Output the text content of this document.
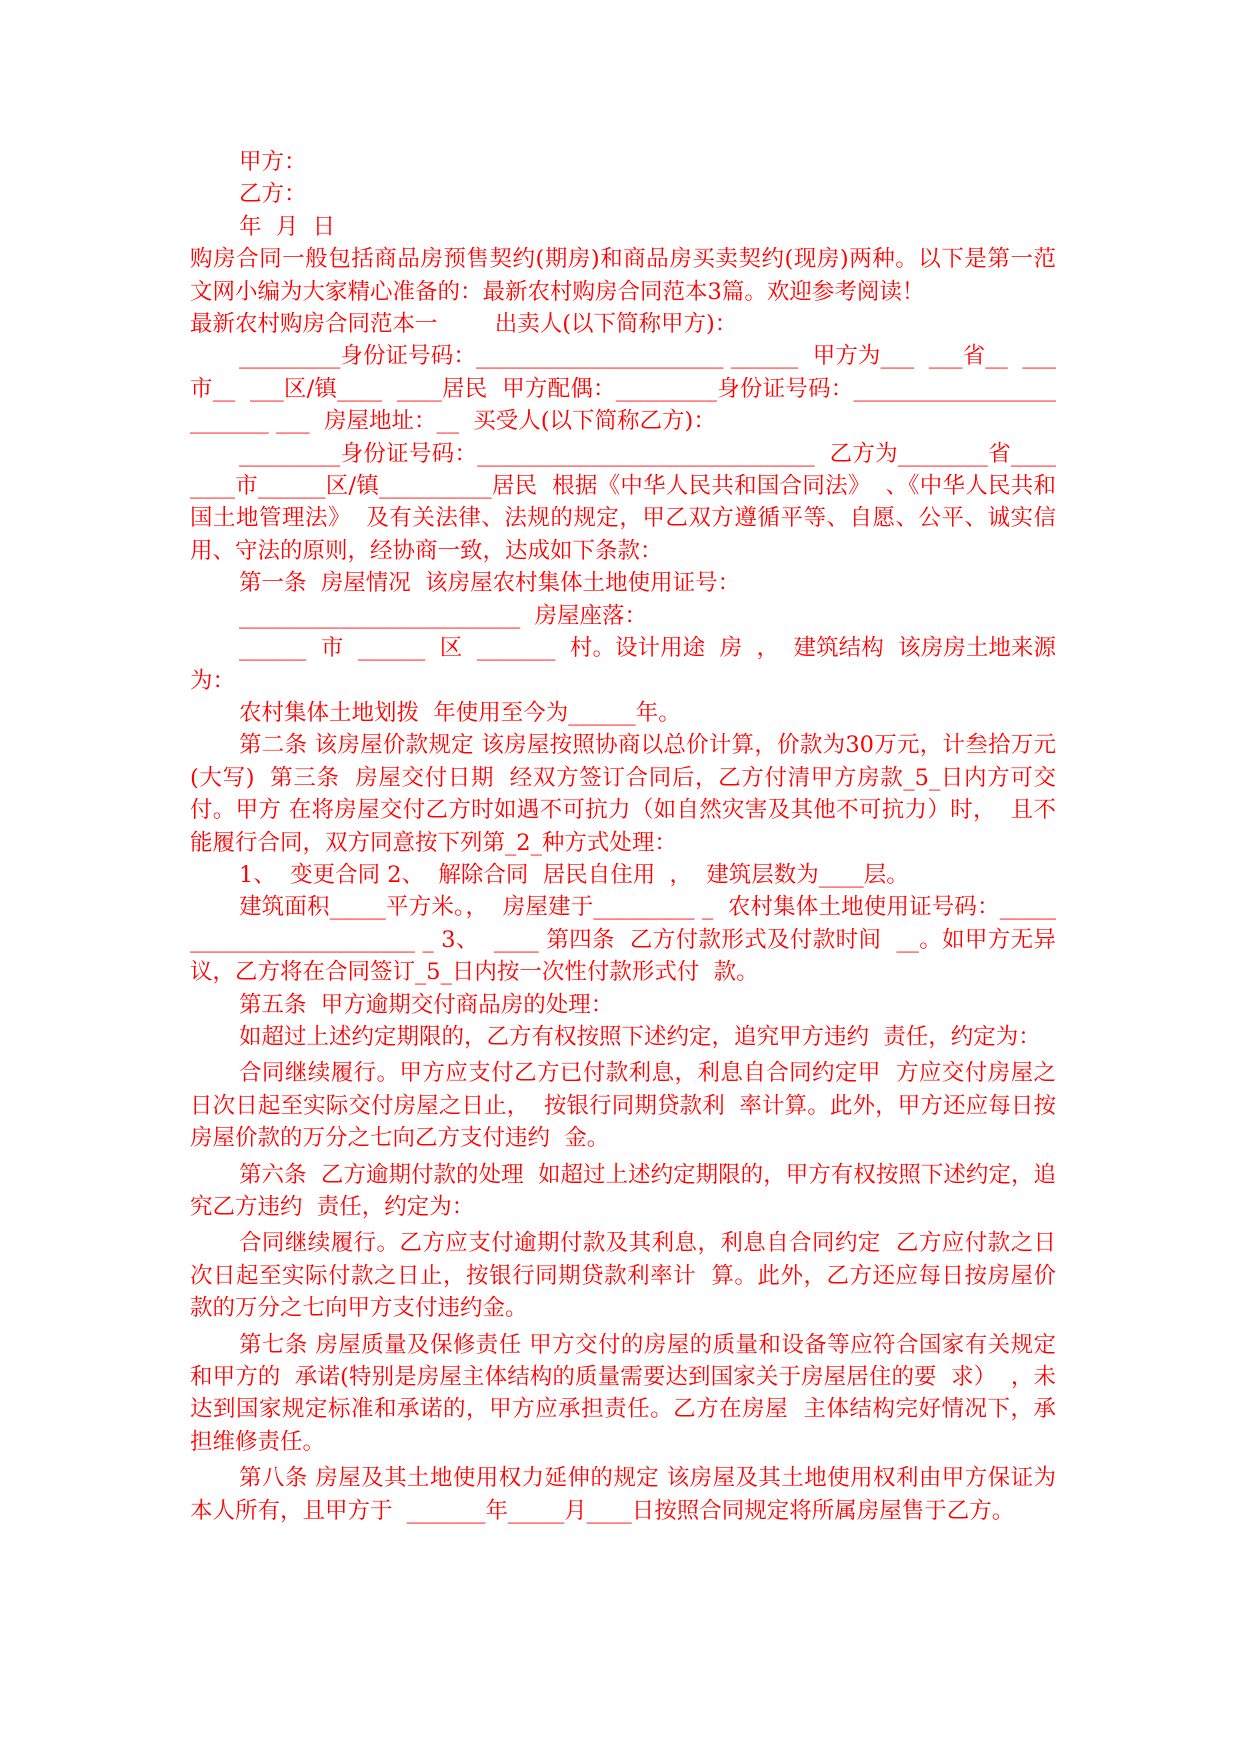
甲方：

乙方：

年  月  日

购房合同一般包括商品房预售契约(期房)和商品房买卖契约(现房)两种。以下是第一范文网小编为大家精心准备的：最新农村购房合同范本3篇。欢迎参考阅读！

最新农村购房合同范本一        出卖人(以下简称甲方)：

_________身份证号码：______________________ ______  甲方为___  ___省__  ___市__  ___区/镇____  ____居民  甲方配偶：_________身份证号码：_________________________ ___  房屋地址：__  买受人(以下简称乙方)：

_________身份证号码：______________________________  乙方为________省________市______区/镇__________居民  根据《中华人民共和国合同法》  、《中华人民共和国土地管理法》  及有关法律、法规的规定，甲乙双方遵循平等、自愿、公平、诚实信  用、守法的原则，经协商一致，达成如下条款：

第一条  房屋情况  该房屋农村集体土地使用证号：

_________________________  房屋座落：

______  市  ______  区  _______  村。设计用途  房  ，  建筑结构  该房房土地来源为：

农村集体土地划拨  年使用至今为______年。

第二条 该房屋价款规定 该房屋按照协商以总价计算，价款为30万元，计叁拾万元(大写)  第三条  房屋交付日期  经双方签订合同后，乙方付清甲方房款_5_日内方可交付。甲方 在将房屋交付乙方时如遇不可抗力（如自然灾害及其他不可抗力）时，  且不能履行合同，双方同意按下列第_2_种方式处理：

1、  变更合同 2、  解除合同  居民自住用  ，  建筑层数为____层。

建筑面积_____平方米。，  房屋建于_________ _  农村集体土地使用证号码：_________________________ _ 3、  ____ 第四条  乙方付款形式及付款时间  __。如甲方无异议，乙方将在合同签订_5_日内按一次性付款形式付  款。

第五条  甲方逾期交付商品房的处理：

如超过上述约定期限的，乙方有权按照下述约定，追究甲方违约  责任，约定为：

合同继续履行。甲方应支付乙方已付款利息，利息自合同约定甲  方应交付房屋之日次日起至实际交付房屋之日止，  按银行同期贷款利  率计算。此外，甲方还应每日按房屋价款的万分之七向乙方支付违约  金。

第六条  乙方逾期付款的处理  如超过上述约定期限的，甲方有权按照下述约定，追究乙方违约  责任，约定为：

合同继续履行。乙方应支付逾期付款及其利息，利息自合同约定  乙方应付款之日次日起至实际付款之日止，按银行同期贷款利率计  算。此外，乙方还应每日按房屋价款的万分之七向甲方支付违约金。

第七条 房屋质量及保修责任 甲方交付的房屋的质量和设备等应符合国家有关规定和甲方的  承诺(特别是房屋主体结构的质量需要达到国家关于房屋居住的要  求）  ，未达到国家规定标准和承诺的，甲方应承担责任。乙方在房屋  主体结构完好情况下，承担维修责任。

第八条 房屋及其土地使用权力延伸的规定 该房屋及其土地使用权利由甲方保证为本人所有，且甲方于  _______年_____月____日按照合同规定将所属房屋售于乙方。
